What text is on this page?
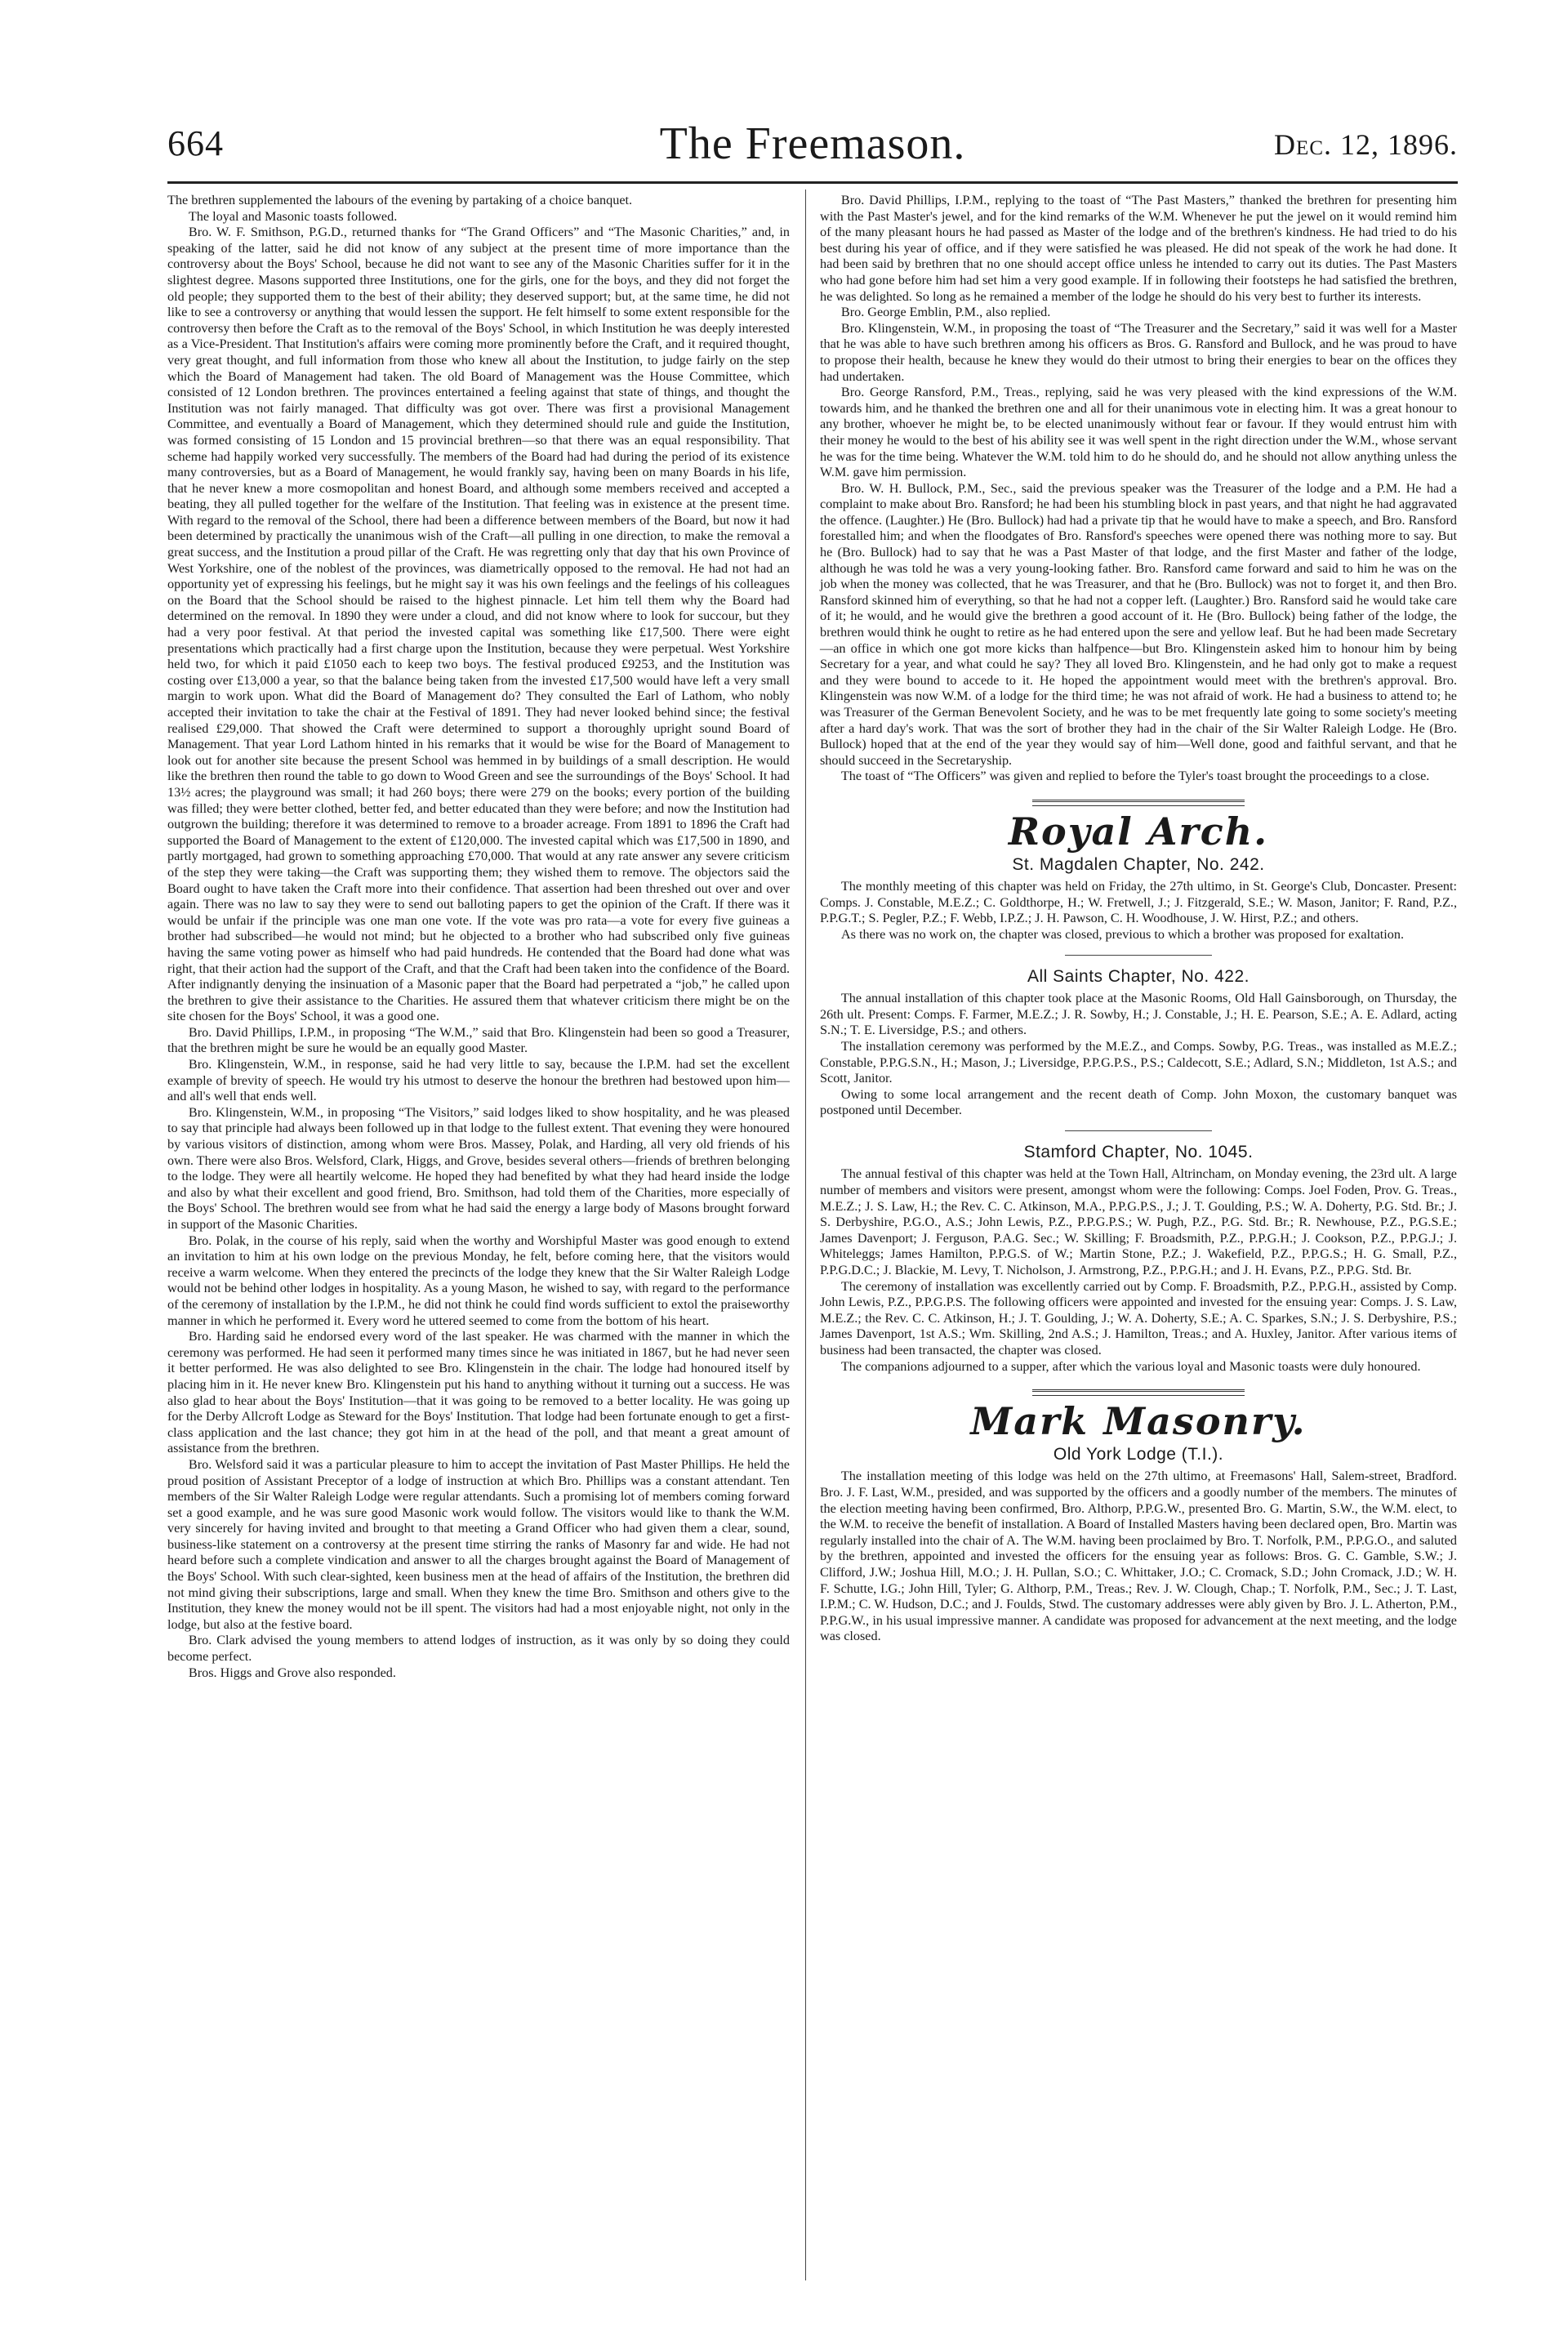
664	The Freemason.	Dec. 12, 1896.

The brethren supplemented the labours of the evening by partaking of a choice banquet.

The loyal and Masonic toasts followed.

Bro. W. F. Smithson, P.G.D., returned thanks for “The Grand Officers” and “The Masonic Charities,” and, in speaking of the latter, said he did not know of any subject at the present time of more importance than the controversy about the Boys' School, because he did not want to see any of the Masonic Charities suffer for it in the slightest degree. Masons supported three Institutions, one for the girls, one for the boys, and they did not forget the old people; they supported them to the best of their ability; they deserved support; but, at the same time, he did not like to see a controversy or anything that would lessen the support. He felt himself to some extent responsible for the controversy then before the Craft as to the removal of the Boys' School, in which Institution he was deeply interested as a Vice-President. That Institution's affairs were coming more prominently before the Craft, and it required thought, very great thought, and full information from those who knew all about the Institution, to judge fairly on the step which the Board of Management had taken. The old Board of Management was the House Committee, which consisted of 12 London brethren. The provinces entertained a feeling against that state of things, and thought the Institution was not fairly managed. That difficulty was got over. There was first a provisional Management Committee, and eventually a Board of Management, which they determined should rule and guide the Institution, was formed consisting of 15 London and 15 provincial brethren—so that there was an equal responsibility. That scheme had happily worked very successfully. The members of the Board had had during the period of its existence many controversies, but as a Board of Management, he would frankly say, having been on many Boards in his life, that he never knew a more cosmopolitan and honest Board, and although some members received and accepted a beating, they all pulled together for the welfare of the Institution. That feeling was in existence at the present time. With regard to the removal of the School, there had been a difference between members of the Board, but now it had been determined by practically the unanimous wish of the Craft—all pulling in one direction, to make the removal a great success, and the Institution a proud pillar of the Craft. He was regretting only that day that his own Province of West Yorkshire, one of the noblest of the provinces, was diametrically opposed to the removal. He had not had an opportunity yet of expressing his feelings, but he might say it was his own feelings and the feelings of his colleagues on the Board that the School should be raised to the highest pinnacle. Let him tell them why the Board had determined on the removal. In 1890 they were under a cloud, and did not know where to look for succour, but they had a very poor festival. At that period the invested capital was something like £17,500. There were eight presentations which practically had a first charge upon the Institution, because they were perpetual. West Yorkshire held two, for which it paid £1050 each to keep two boys. The festival produced £9253, and the Institution was costing over £13,000 a year, so that the balance being taken from the invested £17,500 would have left a very small margin to work upon. What did the Board of Management do? They consulted the Earl of Lathom, who nobly accepted their invitation to take the chair at the Festival of 1891. They had never looked behind since; the festival realised £29,000. That showed the Craft were determined to support a thoroughly upright sound Board of Management. That year Lord Lathom hinted in his remarks that it would be wise for the Board of Management to look out for another site because the present School was hemmed in by buildings of a small description. He would like the brethren then round the table to go down to Wood Green and see the surroundings of the Boys' School. It had 13½ acres; the playground was small; it had 260 boys; there were 279 on the books; every portion of the building was filled; they were better clothed, better fed, and better educated than they were before; and now the Institution had outgrown the building; therefore it was determined to remove to a broader acreage. From 1891 to 1896 the Craft had supported the Board of Management to the extent of £120,000. The invested capital which was £17,500 in 1890, and partly mortgaged, had grown to something approaching £70,000. That would at any rate answer any severe criticism of the step they were taking—the Craft was supporting them; they wished them to remove. The objectors said the Board ought to have taken the Craft more into their confidence. That assertion had been threshed out over and over again. There was no law to say they were to send out balloting papers to get the opinion of the Craft. If there was it would be unfair if the principle was one man one vote. If the vote was pro rata—a vote for every five guineas a brother had subscribed—he would not mind; but he objected to a brother who had subscribed only five guineas having the same voting power as himself who had paid hundreds. He contended that the Board had done what was right, that their action had the support of the Craft, and that the Craft had been taken into the confidence of the Board. After indignantly denying the insinuation of a Masonic paper that the Board had perpetrated a “job,” he called upon the brethren to give their assistance to the Charities. He assured them that whatever criticism there might be on the site chosen for the Boys' School, it was a good one.

Bro. David Phillips, I.P.M., in proposing “The W.M.,” said that Bro. Klingenstein had been so good a Treasurer, that the brethren might be sure he would be an equally good Master.

Bro. Klingenstein, W.M., in response, said he had very little to say, because the I.P.M. had set the excellent example of brevity of speech. He would try his utmost to deserve the honour the brethren had bestowed upon him—and all's well that ends well.

Bro. Klingenstein, W.M., in proposing “The Visitors,” said lodges liked to show hospitality, and he was pleased to say that principle had always been followed up in that lodge to the fullest extent. That evening they were honoured by various visitors of distinction, among whom were Bros. Massey, Polak, and Harding, all very old friends of his own. There were also Bros. Welsford, Clark, Higgs, and Grove, besides several others—friends of brethren belonging to the lodge. They were all heartily welcome. He hoped they had benefited by what they had heard inside the lodge and also by what their excellent and good friend, Bro. Smithson, had told them of the Charities, more especially of the Boys' School. The brethren would see from what he had said the energy a large body of Masons brought forward in support of the Masonic Charities.

Bro. Polak, in the course of his reply, said when the worthy and Worshipful Master was good enough to extend an invitation to him at his own lodge on the previous Monday, he felt, before coming here, that the visitors would receive a warm welcome. When they entered the precincts of the lodge they knew that the Sir Walter Raleigh Lodge would not be behind other lodges in hospitality. As a young Mason, he wished to say, with regard to the performance of the ceremony of installation by the I.P.M., he did not think he could find words sufficient to extol the praiseworthy manner in which he performed it. Every word he uttered seemed to come from the bottom of his heart.

Bro. Harding said he endorsed every word of the last speaker. He was charmed with the manner in which the ceremony was performed. He had seen it performed many times since he was initiated in 1867, but he had never seen it better performed. He was also delighted to see Bro. Klingenstein in the chair. The lodge had honoured itself by placing him in it. He never knew Bro. Klingenstein put his hand to anything without it turning out a success. He was also glad to hear about the Boys' Institution—that it was going to be removed to a better locality. He was going up for the Derby Allcroft Lodge as Steward for the Boys' Institution. That lodge had been fortunate enough to get a first-class application and the last chance; they got him in at the head of the poll, and that meant a great amount of assistance from the brethren.

Bro. Welsford said it was a particular pleasure to him to accept the invitation of Past Master Phillips. He held the proud position of Assistant Preceptor of a lodge of instruction at which Bro. Phillips was a constant attendant. Ten members of the Sir Walter Raleigh Lodge were regular attendants. Such a promising lot of members coming forward set a good example, and he was sure good Masonic work would follow. The visitors would like to thank the W.M. very sincerely for having invited and brought to that meeting a Grand Officer who had given them a clear, sound, business-like statement on a controversy at the present time stirring the ranks of Masonry far and wide. He had not heard before such a complete vindication and answer to all the charges brought against the Board of Management of the Boys' School. With such clear-sighted, keen business men at the head of affairs of the Institution, the brethren did not mind giving their subscriptions, large and small. When they knew the time Bro. Smithson and others give to the Institution, they knew the money would not be ill spent. The visitors had had a most enjoyable night, not only in the lodge, but also at the festive board.

Bro. Clark advised the young members to attend lodges of instruction, as it was only by so doing they could become perfect.

Bros. Higgs and Grove also responded.

Bro. David Phillips, I.P.M., replying to the toast of “The Past Masters,” thanked the brethren for presenting him with the Past Master's jewel, and for the kind remarks of the W.M. Whenever he put the jewel on it would remind him of the many pleasant hours he had passed as Master of the lodge and of the brethren's kindness. He had tried to do his best during his year of office, and if they were satisfied he was pleased. He did not speak of the work he had done. It had been said by brethren that no one should accept office unless he intended to carry out its duties. The Past Masters who had gone before him had set him a very good example. If in following their footsteps he had satisfied the brethren, he was delighted. So long as he remained a member of the lodge he should do his very best to further its interests.

Bro. George Emblin, P.M., also replied.

Bro. Klingenstein, W.M., in proposing the toast of “The Treasurer and the Secretary,” said it was well for a Master that he was able to have such brethren among his officers as Bros. G. Ransford and Bullock, and he was proud to have to propose their health, because he knew they would do their utmost to bring their energies to bear on the offices they had undertaken.

Bro. George Ransford, P.M., Treas., replying, said he was very pleased with the kind expressions of the W.M. towards him, and he thanked the brethren one and all for their unanimous vote in electing him. It was a great honour to any brother, whoever he might be, to be elected unanimously without fear or favour. If they would entrust him with their money he would to the best of his ability see it was well spent in the right direction under the W.M., whose servant he was for the time being. Whatever the W.M. told him to do he should do, and he should not allow anything unless the W.M. gave him permission.

Bro. W. H. Bullock, P.M., Sec., said the previous speaker was the Treasurer of the lodge and a P.M. He had a complaint to make about Bro. Ransford; he had been his stumbling block in past years, and that night he had aggravated the offence. (Laughter.) He (Bro. Bullock) had had a private tip that he would have to make a speech, and Bro. Ransford forestalled him; and when the floodgates of Bro. Ransford's speeches were opened there was nothing more to say. But he (Bro. Bullock) had to say that he was a Past Master of that lodge, and the first Master and father of the lodge, although he was told he was a very young-looking father. Bro. Ransford came forward and said to him he was on the job when the money was collected, that he was Treasurer, and that he (Bro. Bullock) was not to forget it, and then Bro. Ransford skinned him of everything, so that he had not a copper left. (Laughter.) Bro. Ransford said he would take care of it; he would, and he would give the brethren a good account of it. He (Bro. Bullock) being father of the lodge, the brethren would think he ought to retire as he had entered upon the sere and yellow leaf. But he had been made Secretary—an office in which one got more kicks than halfpence—but Bro. Klingenstein asked him to honour him by being Secretary for a year, and what could he say? They all loved Bro. Klingenstein, and he had only got to make a request and they were bound to accede to it. He hoped the appointment would meet with the brethren's approval. Bro. Klingenstein was now W.M. of a lodge for the third time; he was not afraid of work. He had a business to attend to; he was Treasurer of the German Benevolent Society, and he was to be met frequently late going to some society's meeting after a hard day's work. That was the sort of brother they had in the chair of the Sir Walter Raleigh Lodge. He (Bro. Bullock) hoped that at the end of the year they would say of him—Well done, good and faithful servant, and that he should succeed in the Secretaryship.

The toast of “The Officers” was given and replied to before the Tyler's toast brought the proceedings to a close.

Royal Arch.
St. Magdalen Chapter, No. 242.

The monthly meeting of this chapter was held on Friday, the 27th ultimo, in St. George's Club, Doncaster. Present: Comps. J. Constable, M.E.Z.; C. Goldthorpe, H.; W. Fretwell, J.; J. Fitzgerald, S.E.; W. Mason, Janitor; F. Rand, P.Z., P.P.G.T.; S. Pegler, P.Z.; F. Webb, I.P.Z.; J. H. Pawson, C. H. Woodhouse, J. W. Hirst, P.Z.; and others.

As there was no work on, the chapter was closed, previous to which a brother was proposed for exaltation.

All Saints Chapter, No. 422.

The annual installation of this chapter took place at the Masonic Rooms, Old Hall Gainsborough, on Thursday, the 26th ult. Present: Comps. F. Farmer, M.E.Z.; J. R. Sowby, H.; J. Constable, J.; H. E. Pearson, S.E.; A. E. Adlard, acting S.N.; T. E. Liversidge, P.S.; and others.

The installation ceremony was performed by the M.E.Z., and Comps. Sowby, P.G. Treas., was installed as M.E.Z.; Constable, P.P.G.S.N., H.; Mason, J.; Liversidge, P.P.G.P.S., P.S.; Caldecott, S.E.; Adlard, S.N.; Middleton, 1st A.S.; and Scott, Janitor.

Owing to some local arrangement and the recent death of Comp. John Moxon, the customary banquet was postponed until December.

Stamford Chapter, No. 1045.

The annual festival of this chapter was held at the Town Hall, Altrincham, on Monday evening, the 23rd ult. A large number of members and visitors were present, amongst whom were the following: Comps. Joel Foden, Prov. G. Treas., M.E.Z.; J. S. Law, H.; the Rev. C. C. Atkinson, M.A., P.P.G.P.S., J.; J. T. Goulding, P.S.; W. A. Doherty, P.G. Std. Br.; J. S. Derbyshire, P.G.O., A.S.; John Lewis, P.Z., P.P.G.P.S.; W. Pugh, P.Z., P.G. Std. Br.; R. Newhouse, P.Z., P.G.S.E.; James Davenport; J. Ferguson, P.A.G. Sec.; W. Skilling; F. Broadsmith, P.Z., P.P.G.H.; J. Cookson, P.Z., P.P.G.J.; J. Whiteleggs; James Hamilton, P.P.G.S. of W.; Martin Stone, P.Z.; J. Wakefield, P.Z., P.P.G.S.; H. G. Small, P.Z., P.P.G.D.C.; J. Blackie, M. Levy, T. Nicholson, J. Armstrong, P.Z., P.P.G.H.; and J. H. Evans, P.Z., P.P.G. Std. Br.

The ceremony of installation was excellently carried out by Comp. F. Broadsmith, P.Z., P.P.G.H., assisted by Comp. John Lewis, P.Z., P.P.G.P.S. The following officers were appointed and invested for the ensuing year: Comps. J. S. Law, M.E.Z.; the Rev. C. C. Atkinson, H.; J. T. Goulding, J.; W. A. Doherty, S.E.; A. C. Sparkes, S.N.; J. S. Derbyshire, P.S.; James Davenport, 1st A.S.; Wm. Skilling, 2nd A.S.; J. Hamilton, Treas.; and A. Huxley, Janitor. After various items of business had been transacted, the chapter was closed.

The companions adjourned to a supper, after which the various loyal and Masonic toasts were duly honoured.

Mark Masonry.
Old York Lodge (T.I.).

The installation meeting of this lodge was held on the 27th ultimo, at Freemasons' Hall, Salem-street, Bradford. Bro. J. F. Last, W.M., presided, and was supported by the officers and a goodly number of the members. The minutes of the election meeting having been confirmed, Bro. Althorp, P.P.G.W., presented Bro. G. Martin, S.W., the W.M. elect, to the W.M. to receive the benefit of installation. A Board of Installed Masters having been declared open, Bro. Martin was regularly installed into the chair of A. The W.M. having been proclaimed by Bro. T. Norfolk, P.M., P.P.G.O., and saluted by the brethren, appointed and invested the officers for the ensuing year as follows: Bros. G. C. Gamble, S.W.; J. Clifford, J.W.; Joshua Hill, M.O.; J. H. Pullan, S.O.; C. Whittaker, J.O.; C. Cromack, S.D.; John Cromack, J.D.; W. H. F. Schutte, I.G.; John Hill, Tyler; G. Althorp, P.M., Treas.; Rev. J. W. Clough, Chap.; T. Norfolk, P.M., Sec.; J. T. Last, I.P.M.; C. W. Hudson, D.C.; and J. Foulds, Stwd. The customary addresses were ably given by Bro. J. L. Atherton, P.M., P.P.G.W., in his usual impressive manner. A candidate was proposed for advancement at the next meeting, and the lodge was closed.
